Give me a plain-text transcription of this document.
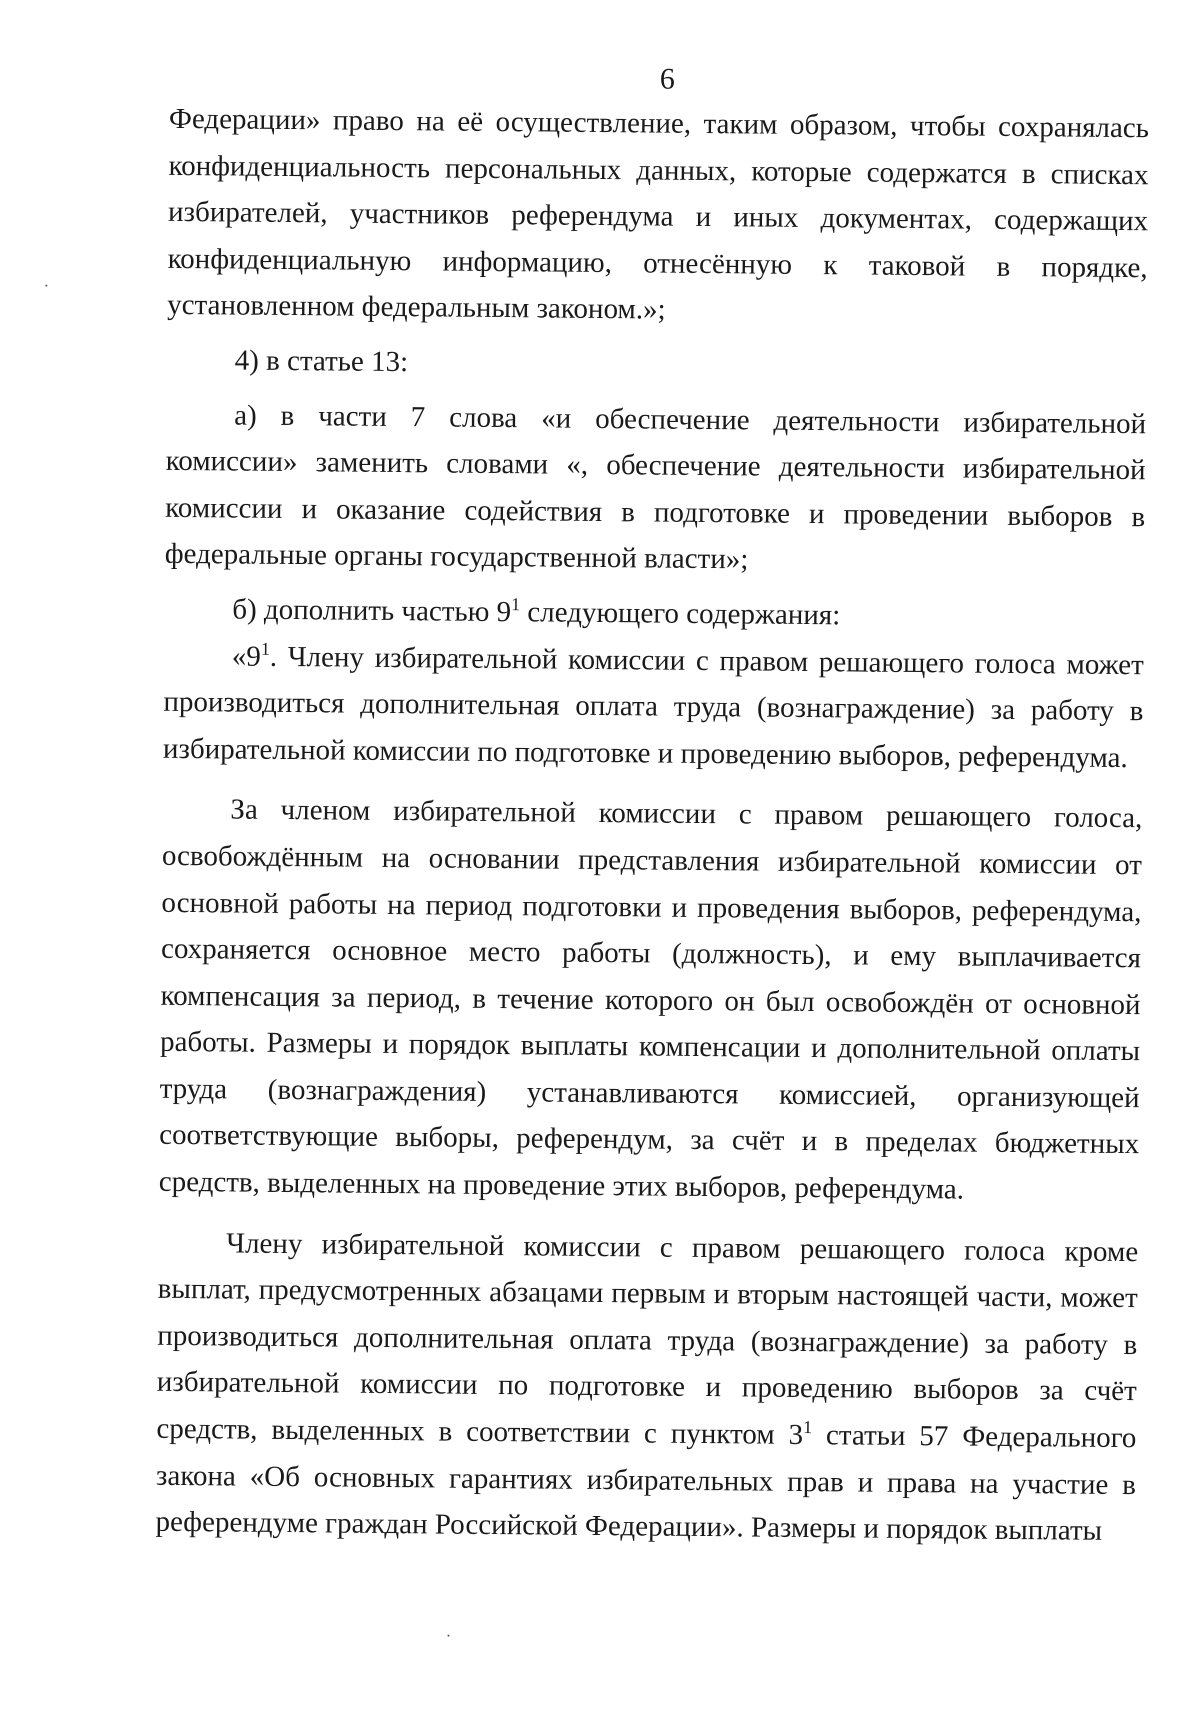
6

Федерации» право на её осуществление, таким образом, чтобы сохранялась конфиденциальность персональных данных, которые содержатся в списках избирателей, участников референдума и иных документах, содержащих конфиденциальную информацию, отнесённую к таковой в порядке, установленном федеральным законом.»;

4) в статье 13:

а) в части 7 слова «и обеспечение деятельности избирательной комиссии» заменить словами «, обеспечение деятельности избирательной комиссии и оказание содействия в подготовке и проведении выборов в федеральные органы государственной власти»;

б) дополнить частью $9^1$ следующего содержания:

«$9^1$. Члену избирательной комиссии с правом решающего голоса может производиться дополнительная оплата труда (вознаграждение) за работу в избирательной комиссии по подготовке и проведению выборов, референдума.

За членом избирательной комиссии с правом решающего голоса, освобождённым на основании представления избирательной комиссии от основной работы на период подготовки и проведения выборов, референдума, сохраняется основное место работы (должность), и ему выплачивается компенсация за период, в течение которого он был освобождён от основной работы. Размеры и порядок выплаты компенсации и дополнительной оплаты труда (вознаграждения) устанавливаются комиссией, организующей соответствующие выборы, референдум, за счёт и в пределах бюджетных средств, выделенных на проведение этих выборов, референдума.

Члену избирательной комиссии с правом решающего голоса кроме выплат, предусмотренных абзацами первым и вторым настоящей части, может производиться дополнительная оплата труда (вознаграждение) за работу в избирательной комиссии по подготовке и проведению выборов за счёт средств, выделенных в соответствии с пунктом $3^1$ статьи 57 Федерального закона «Об основных гарантиях избирательных прав и права на участие в референдуме граждан Российской Федерации». Размеры и порядок выплаты
